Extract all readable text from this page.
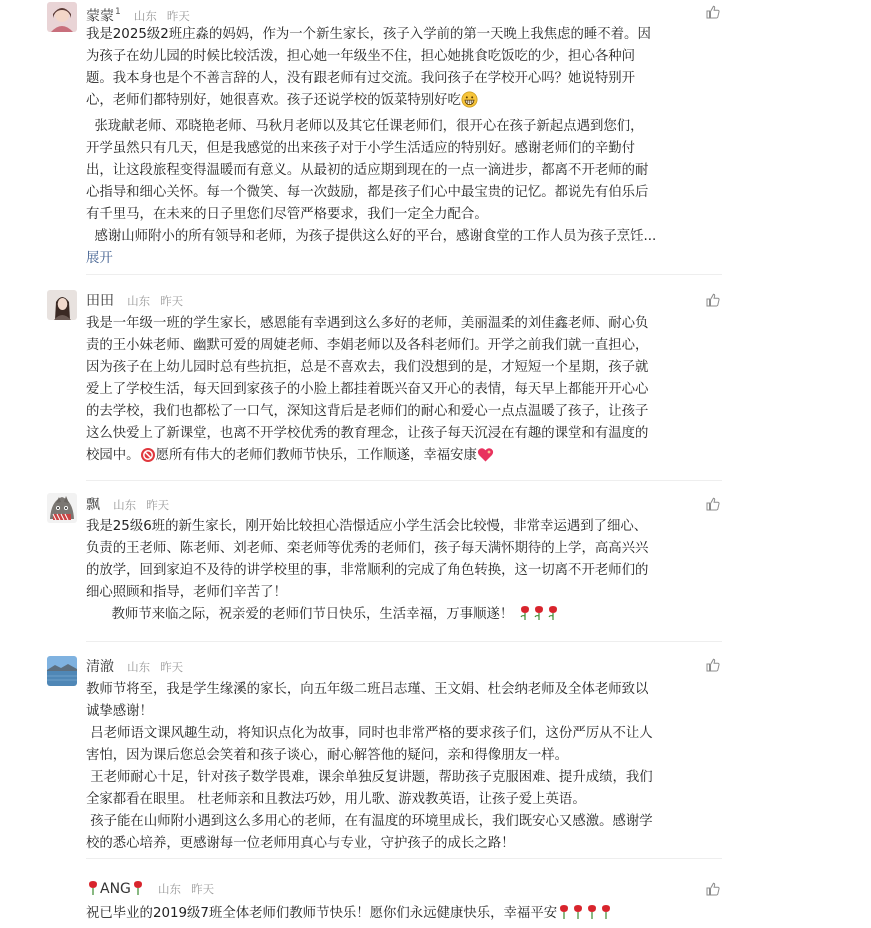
蒙蒙$^1$ 山东 昨天

我是2025级2班庄淼的妈妈，作为一个新生家长，孩子入学前的第一天晚上我焦虑的睡不着。因

为孩子在幼儿园的时候比较活泼，担心她一年级坐不住，担心她挑食吃饭吃的少，担心各种问

题。我本身也是个不善言辞的人，没有跟老师有过交流。我问孩子在学校开心吗？她说特别开

心，老师们都特别好，她很喜欢。孩子还说学校的饭菜特别好吃

张珑献老师、邓晓艳老师、马秋月老师以及其它任课老师们，很开心在孩子新起点遇到您们，

开学虽然只有几天，但是我感觉的出来孩子对于小学生活适应的特别好。感谢老师们的辛勤付

出，让这段旅程变得温暖而有意义。从最初的适应期到现在的一点一滴进步，都离不开老师的耐

心指导和细心关怀。每一个微笑、每一次鼓励，都是孩子们心中最宝贵的记忆。都说先有伯乐后

有千里马，在未来的日子里您们尽管严格要求，我们一定全力配合。

感谢山师附小的所有领导和老师，为孩子提供这么好的平台，感谢食堂的工作人员为孩子烹饪...

展开

田田 山东 昨天

我是一年级一班的学生家长，感恩能有幸遇到这么多好的老师，美丽温柔的刘佳鑫老师、耐心负

责的王小妹老师、幽默可爱的周婕老师、李娟老师以及各科老师们。开学之前我们就一直担心，

因为孩子在上幼儿园时总有些抗拒，总是不喜欢去，我们没想到的是，才短短一个星期，孩子就

爱上了学校生活，每天回到家孩子的小脸上都挂着既兴奋又开心的表情，每天早上都能开开心心

的去学校，我们也都松了一口气，深知这背后是老师们的耐心和爱心一点点温暖了孩子，让孩子

这么快爱上了新课堂，也离不开学校优秀的教育理念，让孩子每天沉浸在有趣的课堂和有温度的

校园中。 愿所有伟大的老师们教师节快乐，工作顺遂，幸福安康

飘 山东 昨天

我是25级6班的新生家长，刚开始比较担心浩憬适应小学生活会比较慢，非常幸运遇到了细心、

负责的王老师、陈老师、刘老师、栾老师等优秀的老师们，孩子每天满怀期待的上学，高高兴兴

的放学，回到家迫不及待的讲学校里的事，非常顺利的完成了角色转换，这一切离不开老师们的

细心照顾和指导，老师们辛苦了！

教师节来临之际，祝亲爱的老师们节日快乐，生活幸福，万事顺遂！

清澈 山东 昨天

教师节将至，我是学生缘溪的家长，向五年级二班吕志瑾、王文娟、杜会纳老师及全体老师致以

诚挚感谢！

吕老师语文课风趣生动，将知识点化为故事，同时也非常严格的要求孩子们，这份严厉从不让人

害怕，因为课后您总会笑着和孩子谈心，耐心解答他的疑问，亲和得像朋友一样。

王老师耐心十足，针对孩子数学畏难，课余单独反复讲题，帮助孩子克服困难、提升成绩，我们

全家都看在眼里。 杜老师亲和且教法巧妙，用儿歌、游戏教英语，让孩子爱上英语。

孩子能在山师附小遇到这么多用心的老师，在有温度的环境里成长，我们既安心又感激。感谢学

校的悉心培养，更感谢每一位老师用真心与专业，守护孩子的成长之路！

ANG 山东 昨天

祝已毕业的2019级7班全体老师们教师节快乐！愿你们永远健康快乐，幸福平安
